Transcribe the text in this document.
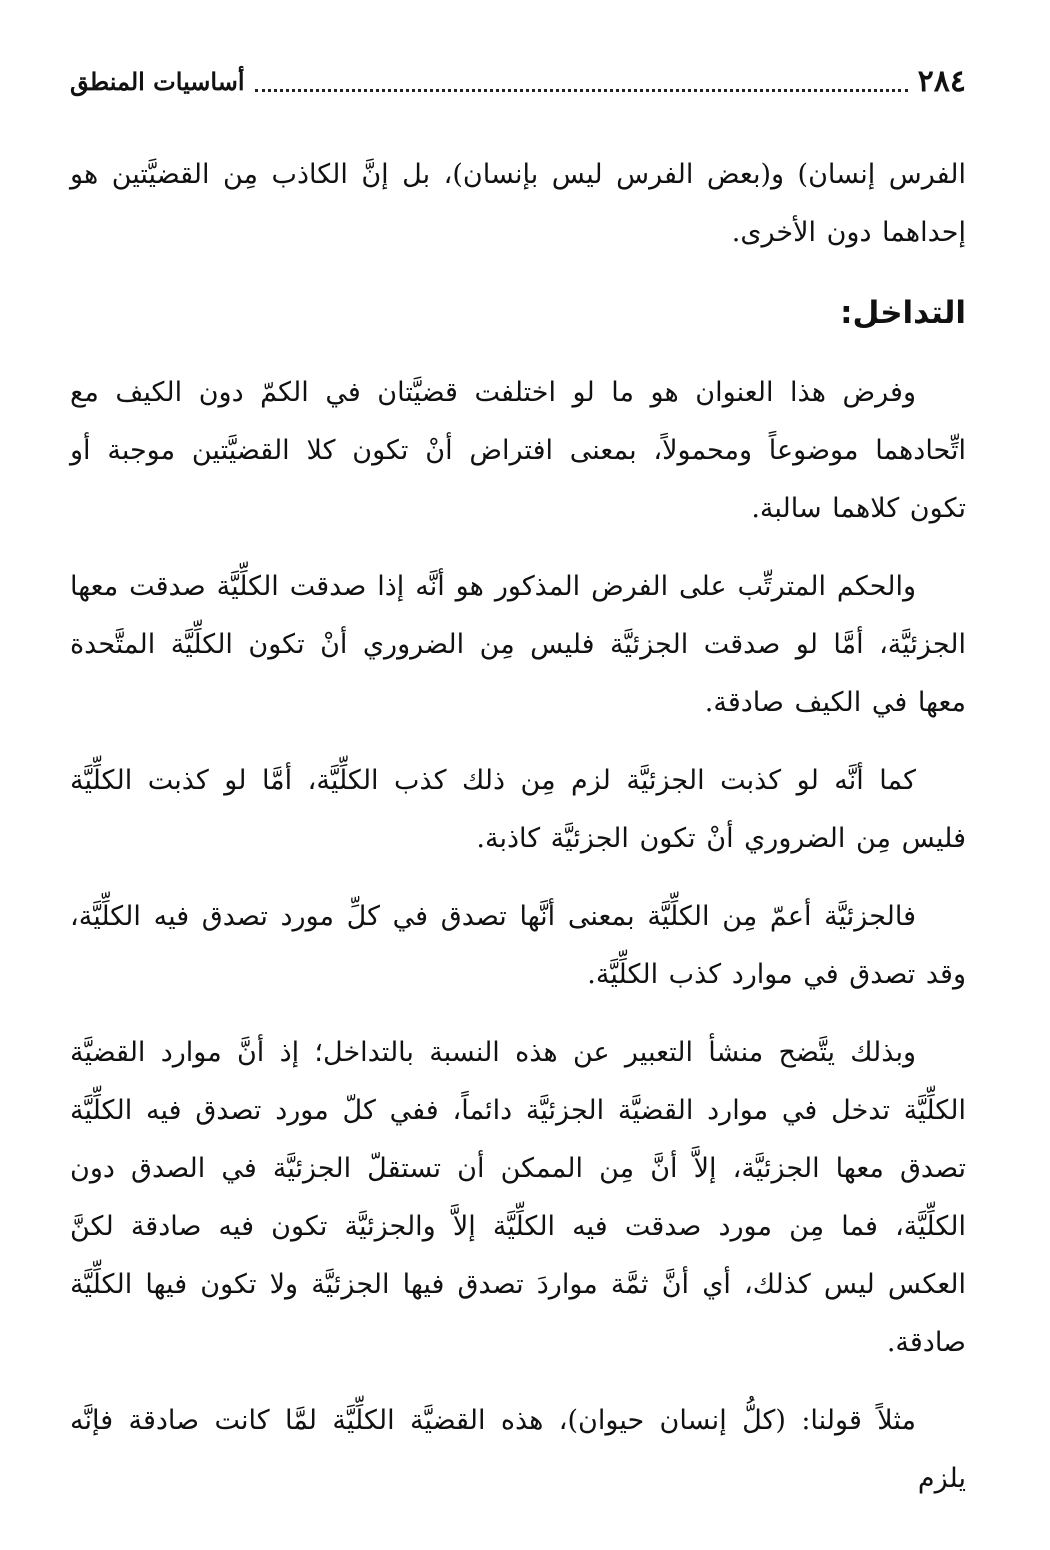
٢٨٤
أساسيات المنطق

الفرس إنسان) و(بعض الفرس ليس بإنسان)، بل إنَّ الكاذب مِن القضيَّتين هو إحداهما دون الأخرى.

التداخل:

وفرض هذا العنوان هو ما لو اختلفت قضيَّتان في الكمّ دون الكيف مع اتِّحادهما موضوعاً ومحمولاً، بمعنى افتراض أنْ تكون كلا القضيَّتين موجبة أو تكون كلاهما سالبة.

والحكم المترتِّب على الفرض المذكور هو أنَّه إذا صدقت الكلِّيَّة صدقت معها الجزئيَّة، أمَّا لو صدقت الجزئيَّة فليس مِن الضروري أنْ تكون الكلِّيَّة المتَّحدة معها في الكيف صادقة.

كما أنَّه لو كذبت الجزئيَّة لزم مِن ذلك كذب الكلِّيَّة، أمَّا لو كذبت الكلِّيَّة فليس مِن الضروري أنْ تكون الجزئيَّة كاذبة.

فالجزئيَّة أعمّ مِن الكلِّيَّة بمعنى أنَّها تصدق في كلِّ مورد تصدق فيه الكلِّيَّة، وقد تصدق في موارد كذب الكلِّيَّة.

وبذلك يتَّضح منشأ التعبير عن هذه النسبة بالتداخل؛ إذ أنَّ موارد القضيَّة الكلِّيَّة تدخل في موارد القضيَّة الجزئيَّة دائماً، ففي كلّ مورد تصدق فيه الكلِّيَّة تصدق معها الجزئيَّة، إلاَّ أنَّ مِن الممكن أن تستقلّ الجزئيَّة في الصدق دون الكلِّيَّة، فما مِن مورد صدقت فيه الكلِّيَّة إلاَّ والجزئيَّة تكون فيه صادقة لكنَّ العكس ليس كذلك، أي أنَّ ثمَّة مواردَ تصدق فيها الجزئيَّة ولا تكون فيها الكلِّيَّة صادقة.

مثلاً قولنا: (كلُّ إنسان حيوان)، هذه القضيَّة الكلِّيَّة لمَّا كانت صادقة فإنَّه يلزم
